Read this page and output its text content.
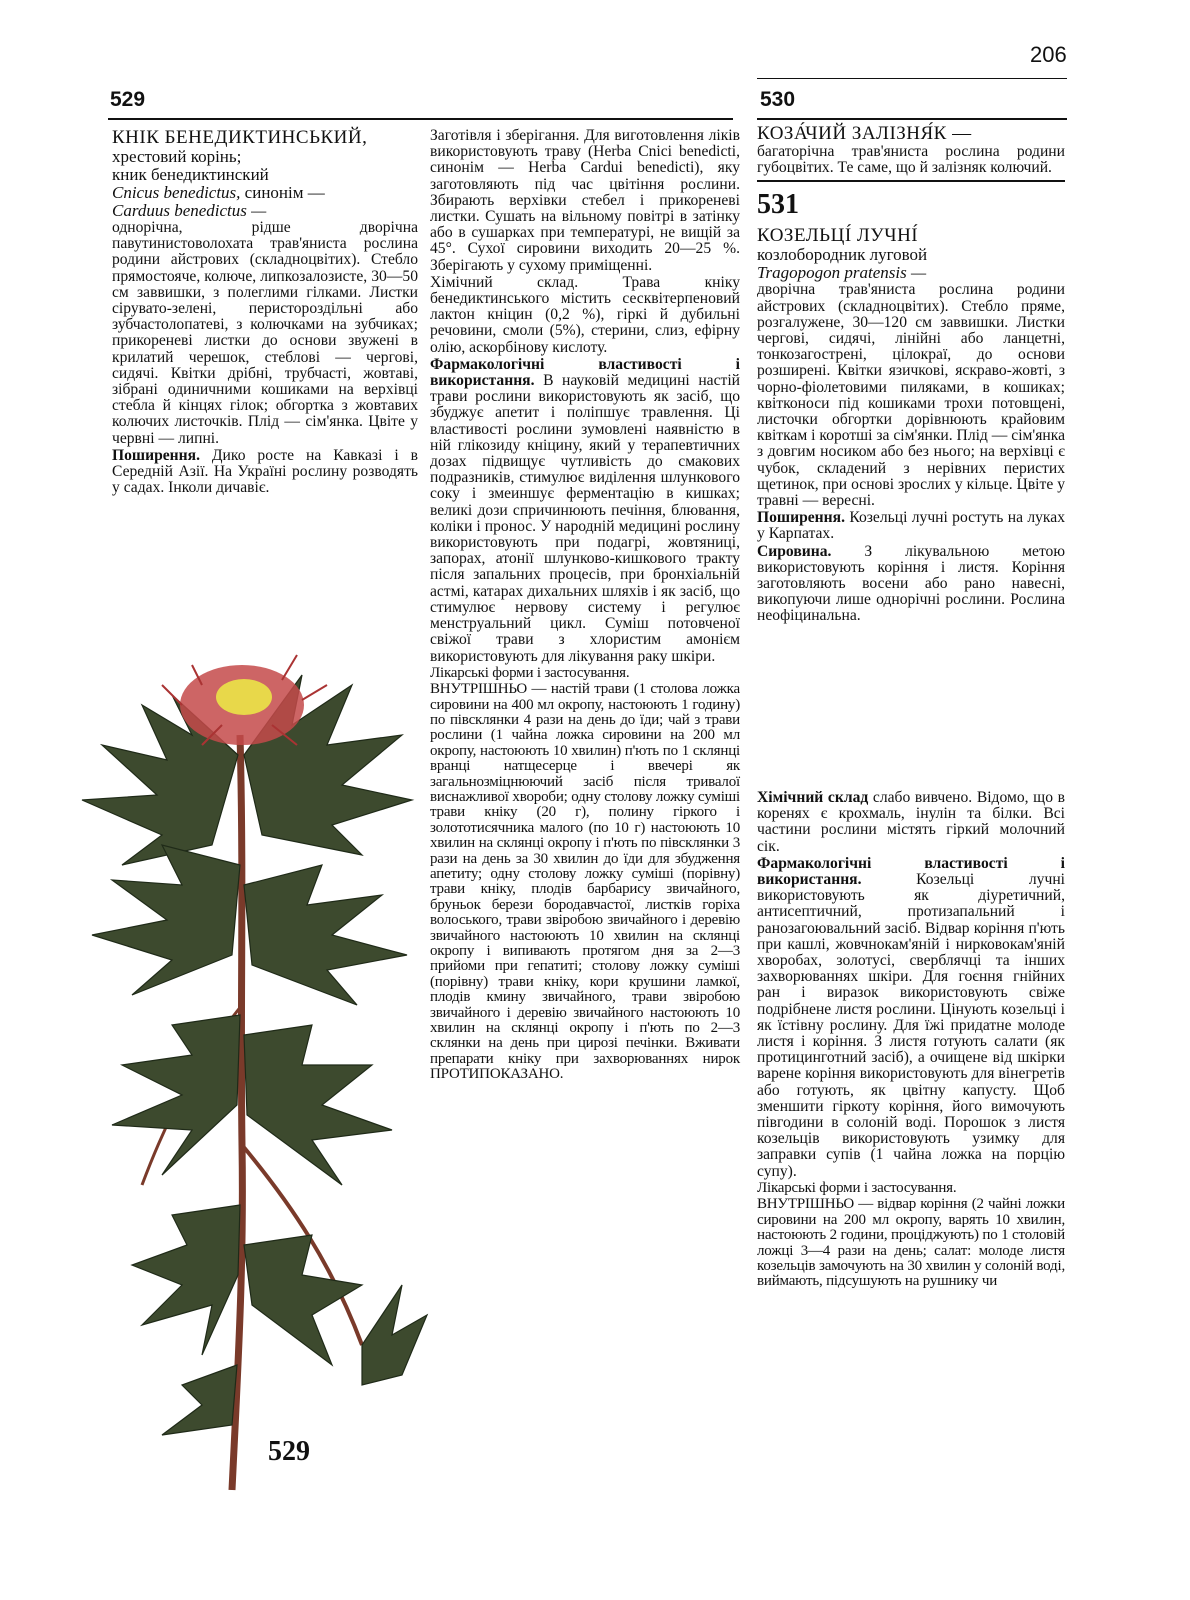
206
529	530
КНІК БЕНЕДИКТИНСЬКИЙ,
хрестовий корінь;
кник бенедиктинский
Cnicus benedictus, синонім —
Carduus benedictus —

однорічна, рідше дворічна павутинистоволохата трав'яниста рослина родини айстрових (складноцвітих). Стебло прямостояче, колюче, липкозалозисте, 30—50 см заввишки, з полеглими гілками. Листки сірувато-зелені, перистороздільні або зубчастолопатеві, з колючками на зубчиках; прикореневі листки до основи звужені в крилатий черешок, стеблові — чергові, сидячі. Квітки дрібні, трубчасті, жовтаві, зібрані одиничними кошиками на верхівці стебла й кінцях гілок; обгортка з жовтавих колючих листочків. Плід — сім'янка. Цвіте у червні — липні.

Поширення. Дико росте на Кавказі і в Середній Азії. На Україні рослину розводять у садах. Інколи дичавіє.

529

Заготівля і зберігання. Для виготовлення ліків використовують траву (Herba Cnici benedicti, синонім — Herba Cardui benedicti), яку заготовляють під час цвітіння рослини. Збирають верхівки стебел і прикореневі листки. Сушать на вільному повітрі в затінку або в сушарках при температурі, не вищій за 45°. Сухої сировини виходить 20—25 %. Зберігають у сухому приміщенні.

Хімічний склад. Трава кніку бенедиктинського містить сесквітерпеновий лактон кніцин (0,2 %), гіркі й дубильні речовини, смоли (5%), стерини, слиз, ефірну олію, аскорбінову кислоту.

Фармакологічні властивості і використання. В науковій медицині настій трави рослини використовують як засіб, що збуджує апетит і поліпшує травлення. Ці властивості рослини зумовлені наявністю в ній глікозиду кніцину, який у терапевтичних дозах підвищує чутливість до смакових подразників, стимулює виділення шлункового соку і змеиншує ферментацію в кишках; великі дози спричинюють печіння, блювання, коліки і пронос. У народній медицині рослину використовують при подагрі, жовтяниці, запорах, атонії шлунково-кишкового тракту після запальних процесів, при бронхіальній астмі, катарах дихальних шляхів і як засіб, що стимулює нервову систему і регулює менструальний цикл. Суміш потовченої свіжої трави з хлористим амонієм використовують для лікування раку шкіри.

Лікарські форми і застосування.

ВНУТРІШНЬО — настій трави (1 столова ложка сировини на 400 мл окропу, настоюють 1 годину) по півсклянки 4 рази на день до їди; чай з трави рослини (1 чайна ложка сировини на 200 мл окропу, настоюють 10 хвилин) п'ють по 1 склянці вранці натщесерце і ввечері як загальнозміцнюючий засіб після тривалої виснажливої хвороби; одну столову ложку суміші трави кніку (20 г), полину гіркого і золототисячника малого (по 10 г) настоюють 10 хвилин на склянці окропу і п'ють по півсклянки 3 рази на день за 30 хвилин до їди для збудження апетиту; одну столову ложку суміші (порівну) трави кніку, плодів барбарису звичайного, бруньок берези бородавчастої, листків горіха волоського, трави звіробою звичайного і деревію звичайного настоюють 10 хвилин на склянці окропу і випивають протягом дня за 2—3 прийоми при гепатиті; столову ложку суміші (порівну) трави кніку, кори крушини ламкої, плодів кмину звичайного, трави звіробою звичайного і деревію звичайного настоюють 10 хвилин на склянці окропу і п'ють по 2—3 склянки на день при цирозі печінки. Вживати препарати кніку при захворюваннях нирок ПРОТИПОКАЗАНО.

КОЗА́ЧИЙ ЗАЛІЗНЯ́К —

багаторічна трав'яниста рослина родини губоцвітих. Те саме, що й залізняк колючий.

531
КОЗЕЛЬЦІ́ ЛУЧНІ́
козлобородник луговой
Tragopogon pratensis —

дворічна трав'яниста рослина родини айстрових (складноцвітих). Стебло пряме, розгалужене, 30—120 см заввишки. Листки чергові, сидячі, лінійні або ланцетні, тонкозагострені, цілокраї, до основи розширені. Квітки язичкові, яскраво-жовті, з чорно-фіолетовими пиляками, в кошиках; квітконоси під кошиками трохи потовщені, листочки обгортки дорівнюють крайовим квіткам і коротші за сім'янки. Плід — сім'янка з довгим носиком або без нього; на верхівці є чубок, складений з нерівних перистих щетинок, при основі зрослих у кільце. Цвіте у травні — вересні.

Поширення. Козельці лучні ростуть на луках у Карпатах.

Сировина. З лікувальною метою використовують коріння і листя. Коріння заготовляють восени або рано навесні, викопуючи лише однорічні рослини. Рослина неофіцинальна.

Хімічний склад слабо вивчено. Відомо, що в коренях є крохмаль, інулін та білки. Всі частини рослини містять гіркий молочний сік.

Фармакологічні властивості і використання.	Козельці лучні використовують як діуретичний, антисептичний, протизапальний і ранозагоювальний засіб. Відвар коріння п'ють при кашлі, жовчнокам'яній і нирковокам'яній хворобах, золотусі, сверблячці та інших захворюваннях шкіри. Для гоєння гнійних ран і виразок використовують свіже подрібнене листя рослини. Цінують козельці і як їстівну рослину. Для їжі придатне молоде листя і коріння. З листя готують салати (як протицинготний засіб), а очищене від шкірки варене коріння використовують для вінегретів або готують, як цвітну капусту. Щоб зменшити гіркоту коріння, його вимочують півгодини в солоній воді. Порошок з листя козельців використовують узимку для заправки супів (1 чайна ложка на порцію супу).

Лікарські форми і застосування.

ВНУТРІШНЬО — відвар коріння (2 чайні ложки сировини на 200 мл окропу, варять 10 хвилин, настоюють 2 години, проціджують) по 1 столовій ложці 3—4 рази на день; салат: молоде листя козельців замочують на 30 хвилин у солоній воді, виймають, підсушують на рушнику чи
